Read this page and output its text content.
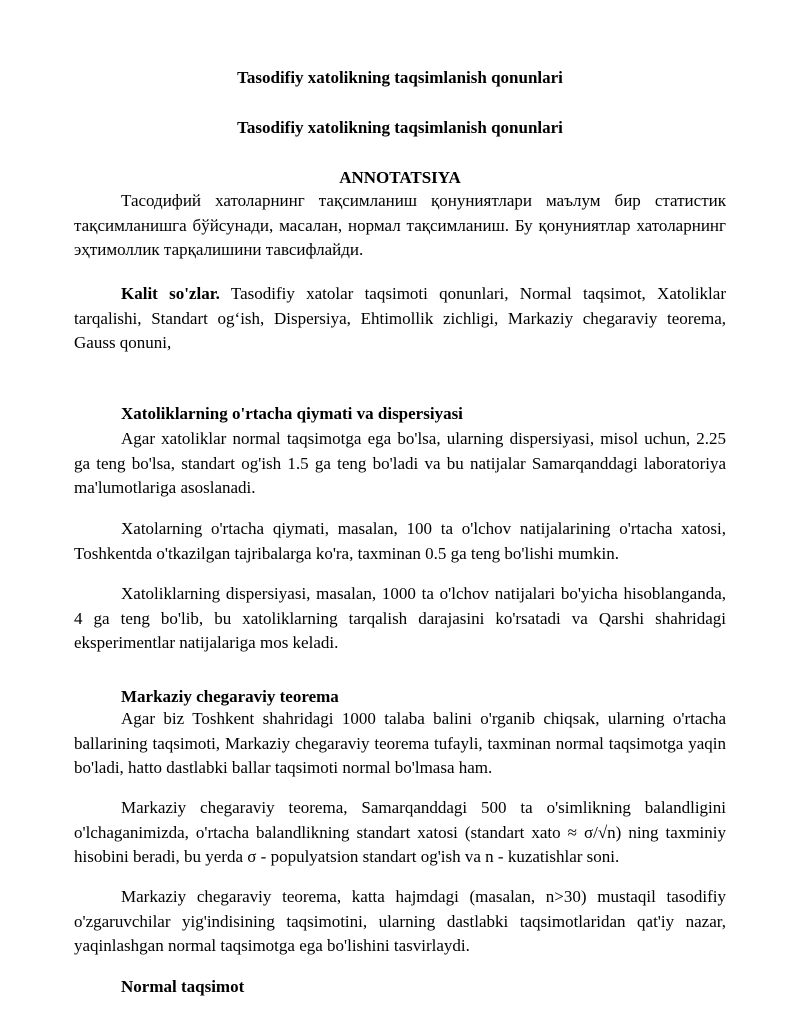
Tasodifiy xatolikning taqsimlanish qonunlari

Tasodifiy xatolikning taqsimlanish qonunlari

ANNOTATSIYA

Тасодифий хатоларнинг тақсимланиш қонуниятлари маълум бир статистик тақсимланишга бўйсунади, масалан, нормал тақсимланиш. Бу қонуниятлар хатоларнинг эҳтимоллик тарқалишини тавсифлайди.

Kalit so'zlar. Tasodifiy xatolar taqsimoti qonunlari, Normal taqsimot, Xatoliklar tarqalishi, Standart og‘ish, Dispersiya, Ehtimollik zichligi, Markaziy chegaraviy teorema, Gauss qonuni,

Xatoliklarning o'rtacha qiymati va dispersiyasi

Agar xatoliklar normal taqsimotga ega bo'lsa, ularning dispersiyasi, misol uchun, 2.25 ga teng bo'lsa, standart og'ish 1.5 ga teng bo'ladi va bu natijalar Samarqanddagi laboratoriya ma'lumotlariga asoslanadi.

Xatolarning o'rtacha qiymati, masalan, 100 ta o'lchov natijalarining o'rtacha xatosi, Toshkentda o'tkazilgan tajribalarga ko'ra, taxminan 0.5 ga teng bo'lishi mumkin.

Xatoliklarning dispersiyasi, masalan, 1000 ta o'lchov natijalari bo'yicha hisoblanganda, 4 ga teng bo'lib, bu xatoliklarning tarqalish darajasini ko'rsatadi va Qarshi shahridagi eksperimentlar natijalariga mos keladi.

Markaziy chegaraviy teorema

Agar biz Toshkent shahridagi 1000 talaba balini o'rganib chiqsak, ularning o'rtacha ballarining taqsimoti, Markaziy chegaraviy teorema tufayli, taxminan normal taqsimotga yaqin bo'ladi, hatto dastlabki ballar taqsimoti normal bo'lmasa ham.

Markaziy chegaraviy teorema, Samarqanddagi 500 ta o'simlikning balandligini o'lchaganimizda, o'rtacha balandlikning standart xatosi (standart xato ≈ σ/√n) ning taxminiy hisobini beradi, bu yerda σ - populyatsion standart og'ish va n - kuzatishlar soni.

Markaziy chegaraviy teorema, katta hajmdagi (masalan, n>30) mustaqil tasodifiy o'zgaruvchilar yig'indisining taqsimotini, ularning dastlabki taqsimotlaridan qat'iy nazar, yaqinlashgan normal taqsimotga ega bo'lishini tasvirlaydi.

Normal taqsimot
